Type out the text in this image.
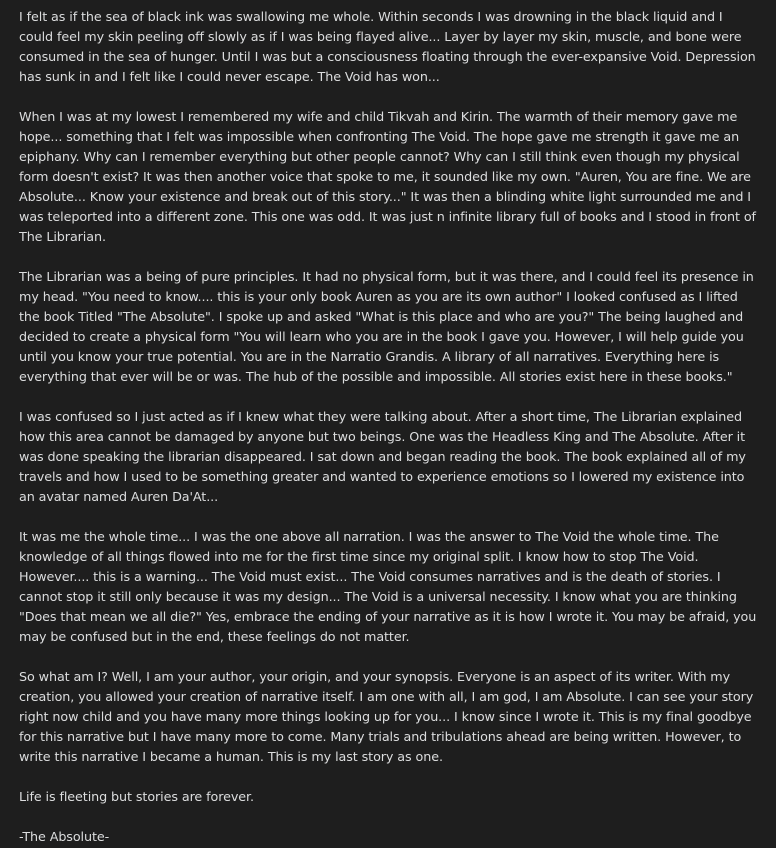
I felt as if the sea of black ink was swallowing me whole. Within seconds I was drowning in the black liquid and I could feel my skin peeling off slowly as if I was being flayed alive... Layer by layer my skin, muscle, and bone were consumed in the sea of hunger. Until I was but a consciousness floating through the ever-expansive Void. Depression has sunk in and I felt like I could never escape. The Void has won...

When I was at my lowest I remembered my wife and child Tikvah and Kirin. The warmth of their memory gave me hope... something that I felt was impossible when confronting The Void. The hope gave me strength it gave me an epiphany. Why can I remember everything but other people cannot? Why can I still think even though my physical form doesn't exist? It was then another voice that spoke to me, it sounded like my own. "Auren, You are fine. We are Absolute... Know your existence and break out of this story..." It was then a blinding white light surrounded me and I was teleported into a different zone. This one was odd. It was just n infinite library full of books and I stood in front of The Librarian.

The Librarian was a being of pure principles. It had no physical form, but it was there, and I could feel its presence in my head. "You need to know.... this is your only book Auren as you are its own author" I looked confused as I lifted the book Titled "The Absolute". I spoke up and asked "What is this place and who are you?" The being laughed and decided to create a physical form "You will learn who you are in the book I gave you. However, I will help guide you until you know your true potential. You are in the Narratio Grandis. A library of all narratives. Everything here is everything that ever will be or was. The hub of the possible and impossible. All stories exist here in these books."

I was confused so I just acted as if I knew what they were talking about. After a short time, The Librarian explained how this area cannot be damaged by anyone but two beings. One was the Headless King and The Absolute. After it was done speaking the librarian disappeared. I sat down and began reading the book. The book explained all of my travels and how I used to be something greater and wanted to experience emotions so I lowered my existence into an avatar named Auren Da'At...

It was me the whole time... I was the one above all narration. I was the answer to The Void the whole time. The knowledge of all things flowed into me for the first time since my original split. I know how to stop The Void. However.... this is a warning... The Void must exist... The Void consumes narratives and is the death of stories. I cannot stop it still only because it was my design... The Void is a universal necessity. I know what you are thinking "Does that mean we all die?" Yes, embrace the ending of your narrative as it is how I wrote it. You may be afraid, you may be confused but in the end, these feelings do not matter.

So what am I? Well, I am your author, your origin, and your synopsis. Everyone is an aspect of its writer. With my creation, you allowed your creation of narrative itself. I am one with all, I am god, I am Absolute. I can see your story right now child and you have many more things looking up for you... I know since I wrote it. This is my final goodbye for this narrative but I have many more to come. Many trials and tribulations ahead are being written. However, to write this narrative I became a human. This is my last story as one.

Life is fleeting but stories are forever.

-The Absolute-
